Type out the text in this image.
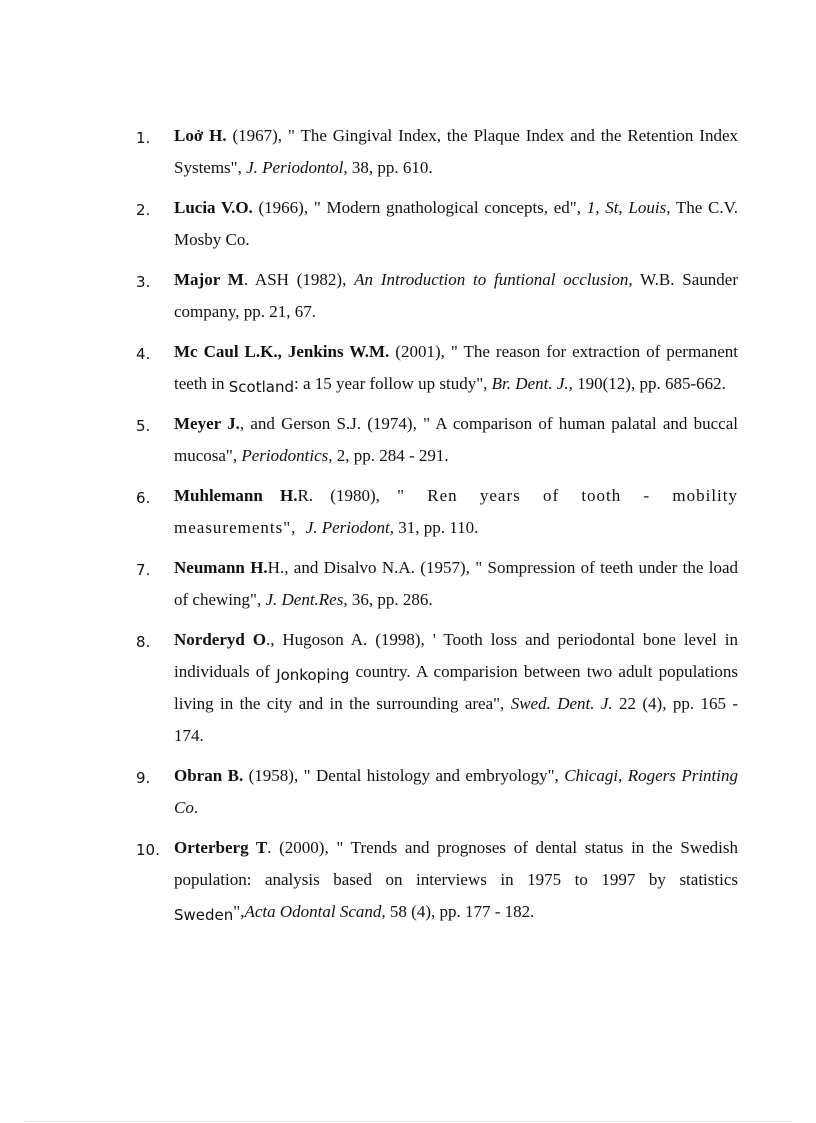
1. Loở H. (1967), " The Gingival Index, the Plaque Index and the Retention Index Systems", J. Periodontol, 38, pp. 610.
2. Lucia V.O. (1966), " Modern gnathological concepts, ed", 1, St, Louis, The C.V. Mosby Co.
3. Major M. ASH (1982), An Introduction to funtional occlusion, W.B. Saunder company, pp. 21, 67.
4. Mc Caul L.K., Jenkins W.M. (2001), " The reason for extraction of permanent teeth in Scotland: a 15 year follow up study", Br. Dent. J., 190(12), pp. 685-662.
5. Meyer J., and Gerson S.J. (1974), " A comparison of human palatal and buccal mucosa", Periodontics, 2, pp. 284 - 291.
6. Muhlemann H.R. (1980), " Ren years of tooth - mobility measurements", J. Periodont, 31, pp. 110.
7. Neumann H.H., and Disalvo N.A. (1957), " Sompression of teeth under the load of chewing", J. Dent.Res, 36, pp. 286.
8. Norderyd O., Hugoson A. (1998), ' Tooth loss and periodontal bone level in individuals of Jonkoping country. A comparision between two adult populations living in the city and in the surrounding area", Swed. Dent. J. 22 (4), pp. 165 - 174.
9. Obran B. (1958), " Dental histology and embryology", Chicagi, Rogers Printing Co.
10. Orterberg T. (2000), " Trends and prognoses of dental status in the Swedish population: analysis based on interviews in 1975 to 1997 by statistics Sweden",Acta Odontal Scand, 58 (4), pp. 177 - 182.
